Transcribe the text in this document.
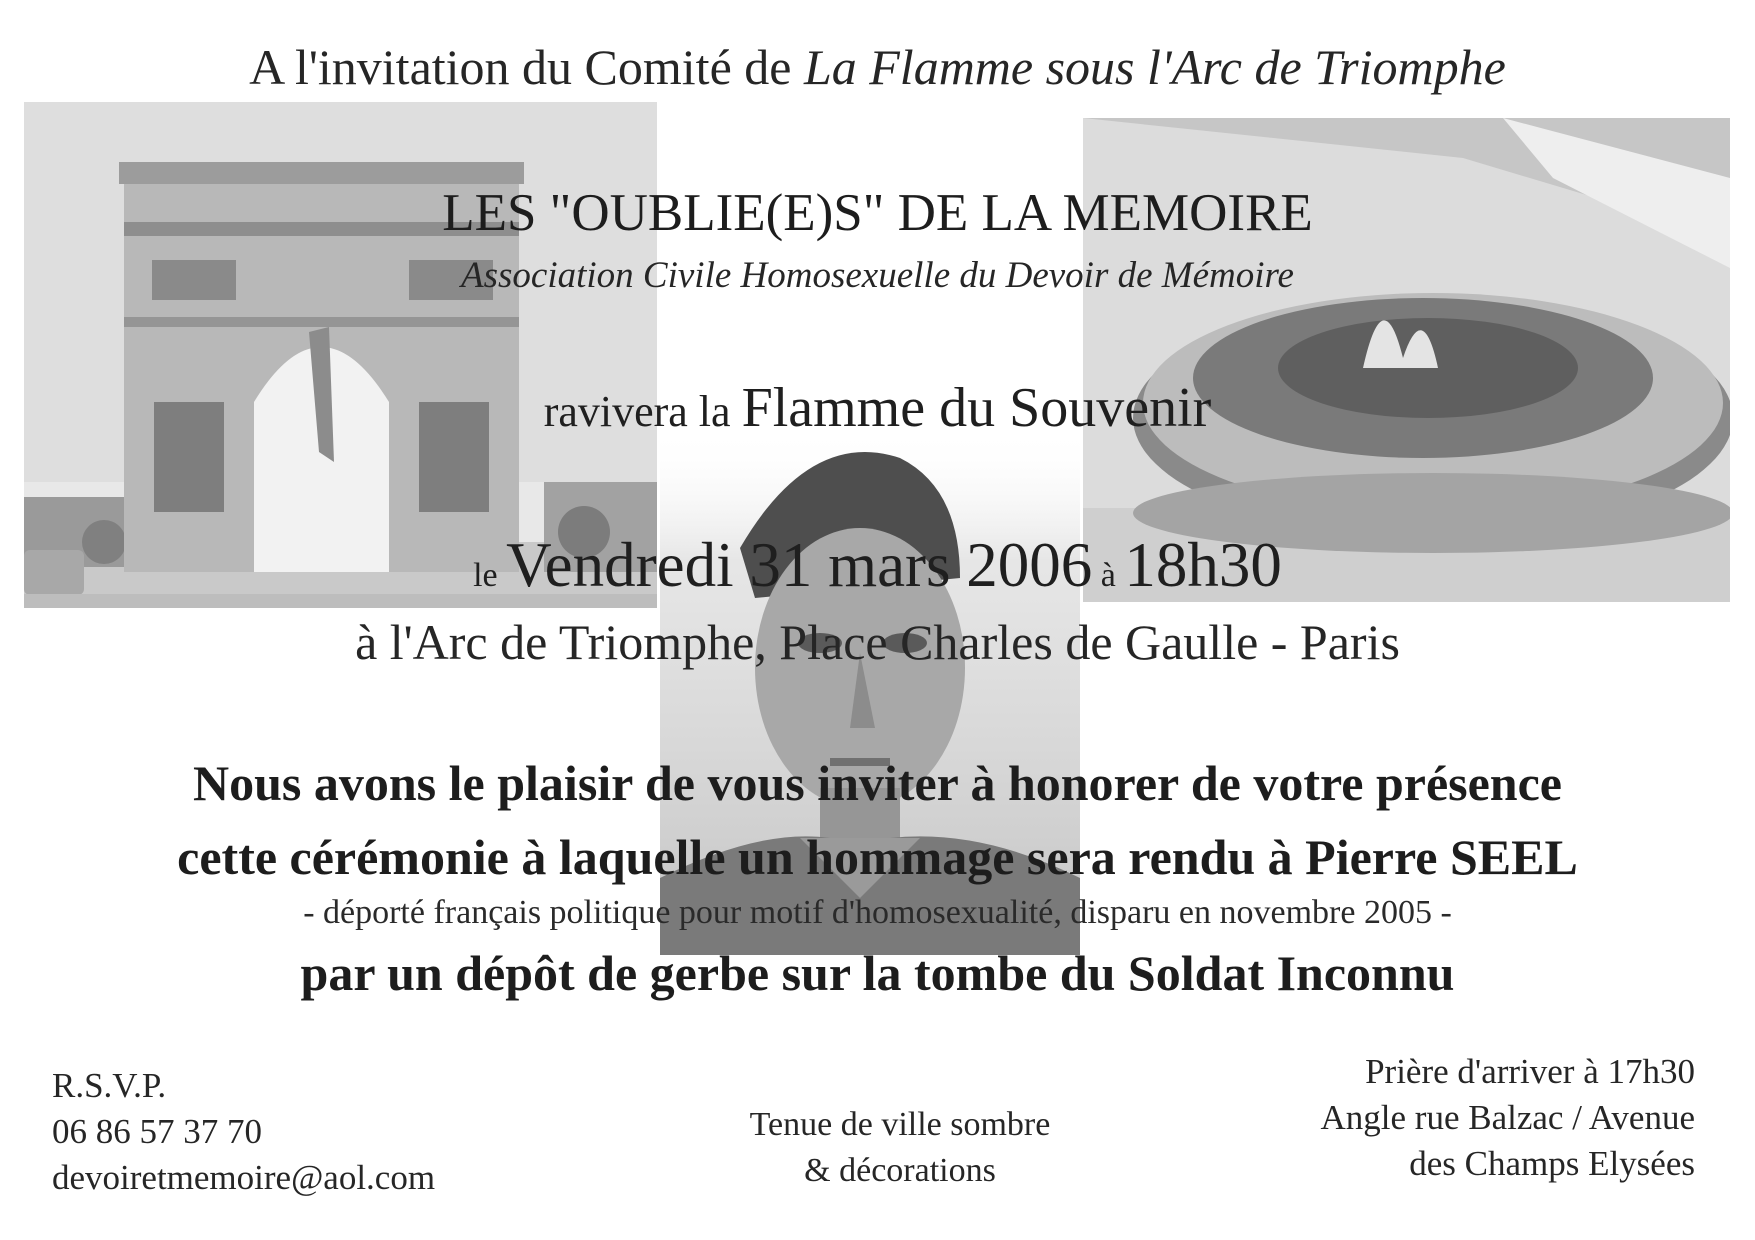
A l'invitation du Comité de La Flamme sous l'Arc de Triomphe
LES "OUBLIE(E)S" DE LA MEMOIRE
Association Civile Homosexuelle du Devoir de Mémoire
ravivera la Flamme du Souvenir
le Vendredi 31 mars 2006 à 18h30
à l'Arc de Triomphe, Place Charles de Gaulle - Paris
Nous avons le plaisir de vous inviter à honorer de votre présence
cette cérémonie à laquelle un hommage sera rendu à Pierre SEEL
- déporté français politique pour motif d'homosexualité, disparu en novembre 2005 -
par un dépôt de gerbe sur la tombe du Soldat Inconnu
R.S.V.P.
06 86 57 37 70
devoiretmemoire@aol.com
Tenue de ville sombre
& décorations
Prière d'arriver à 17h30
Angle rue Balzac / Avenue
des Champs Elysées
